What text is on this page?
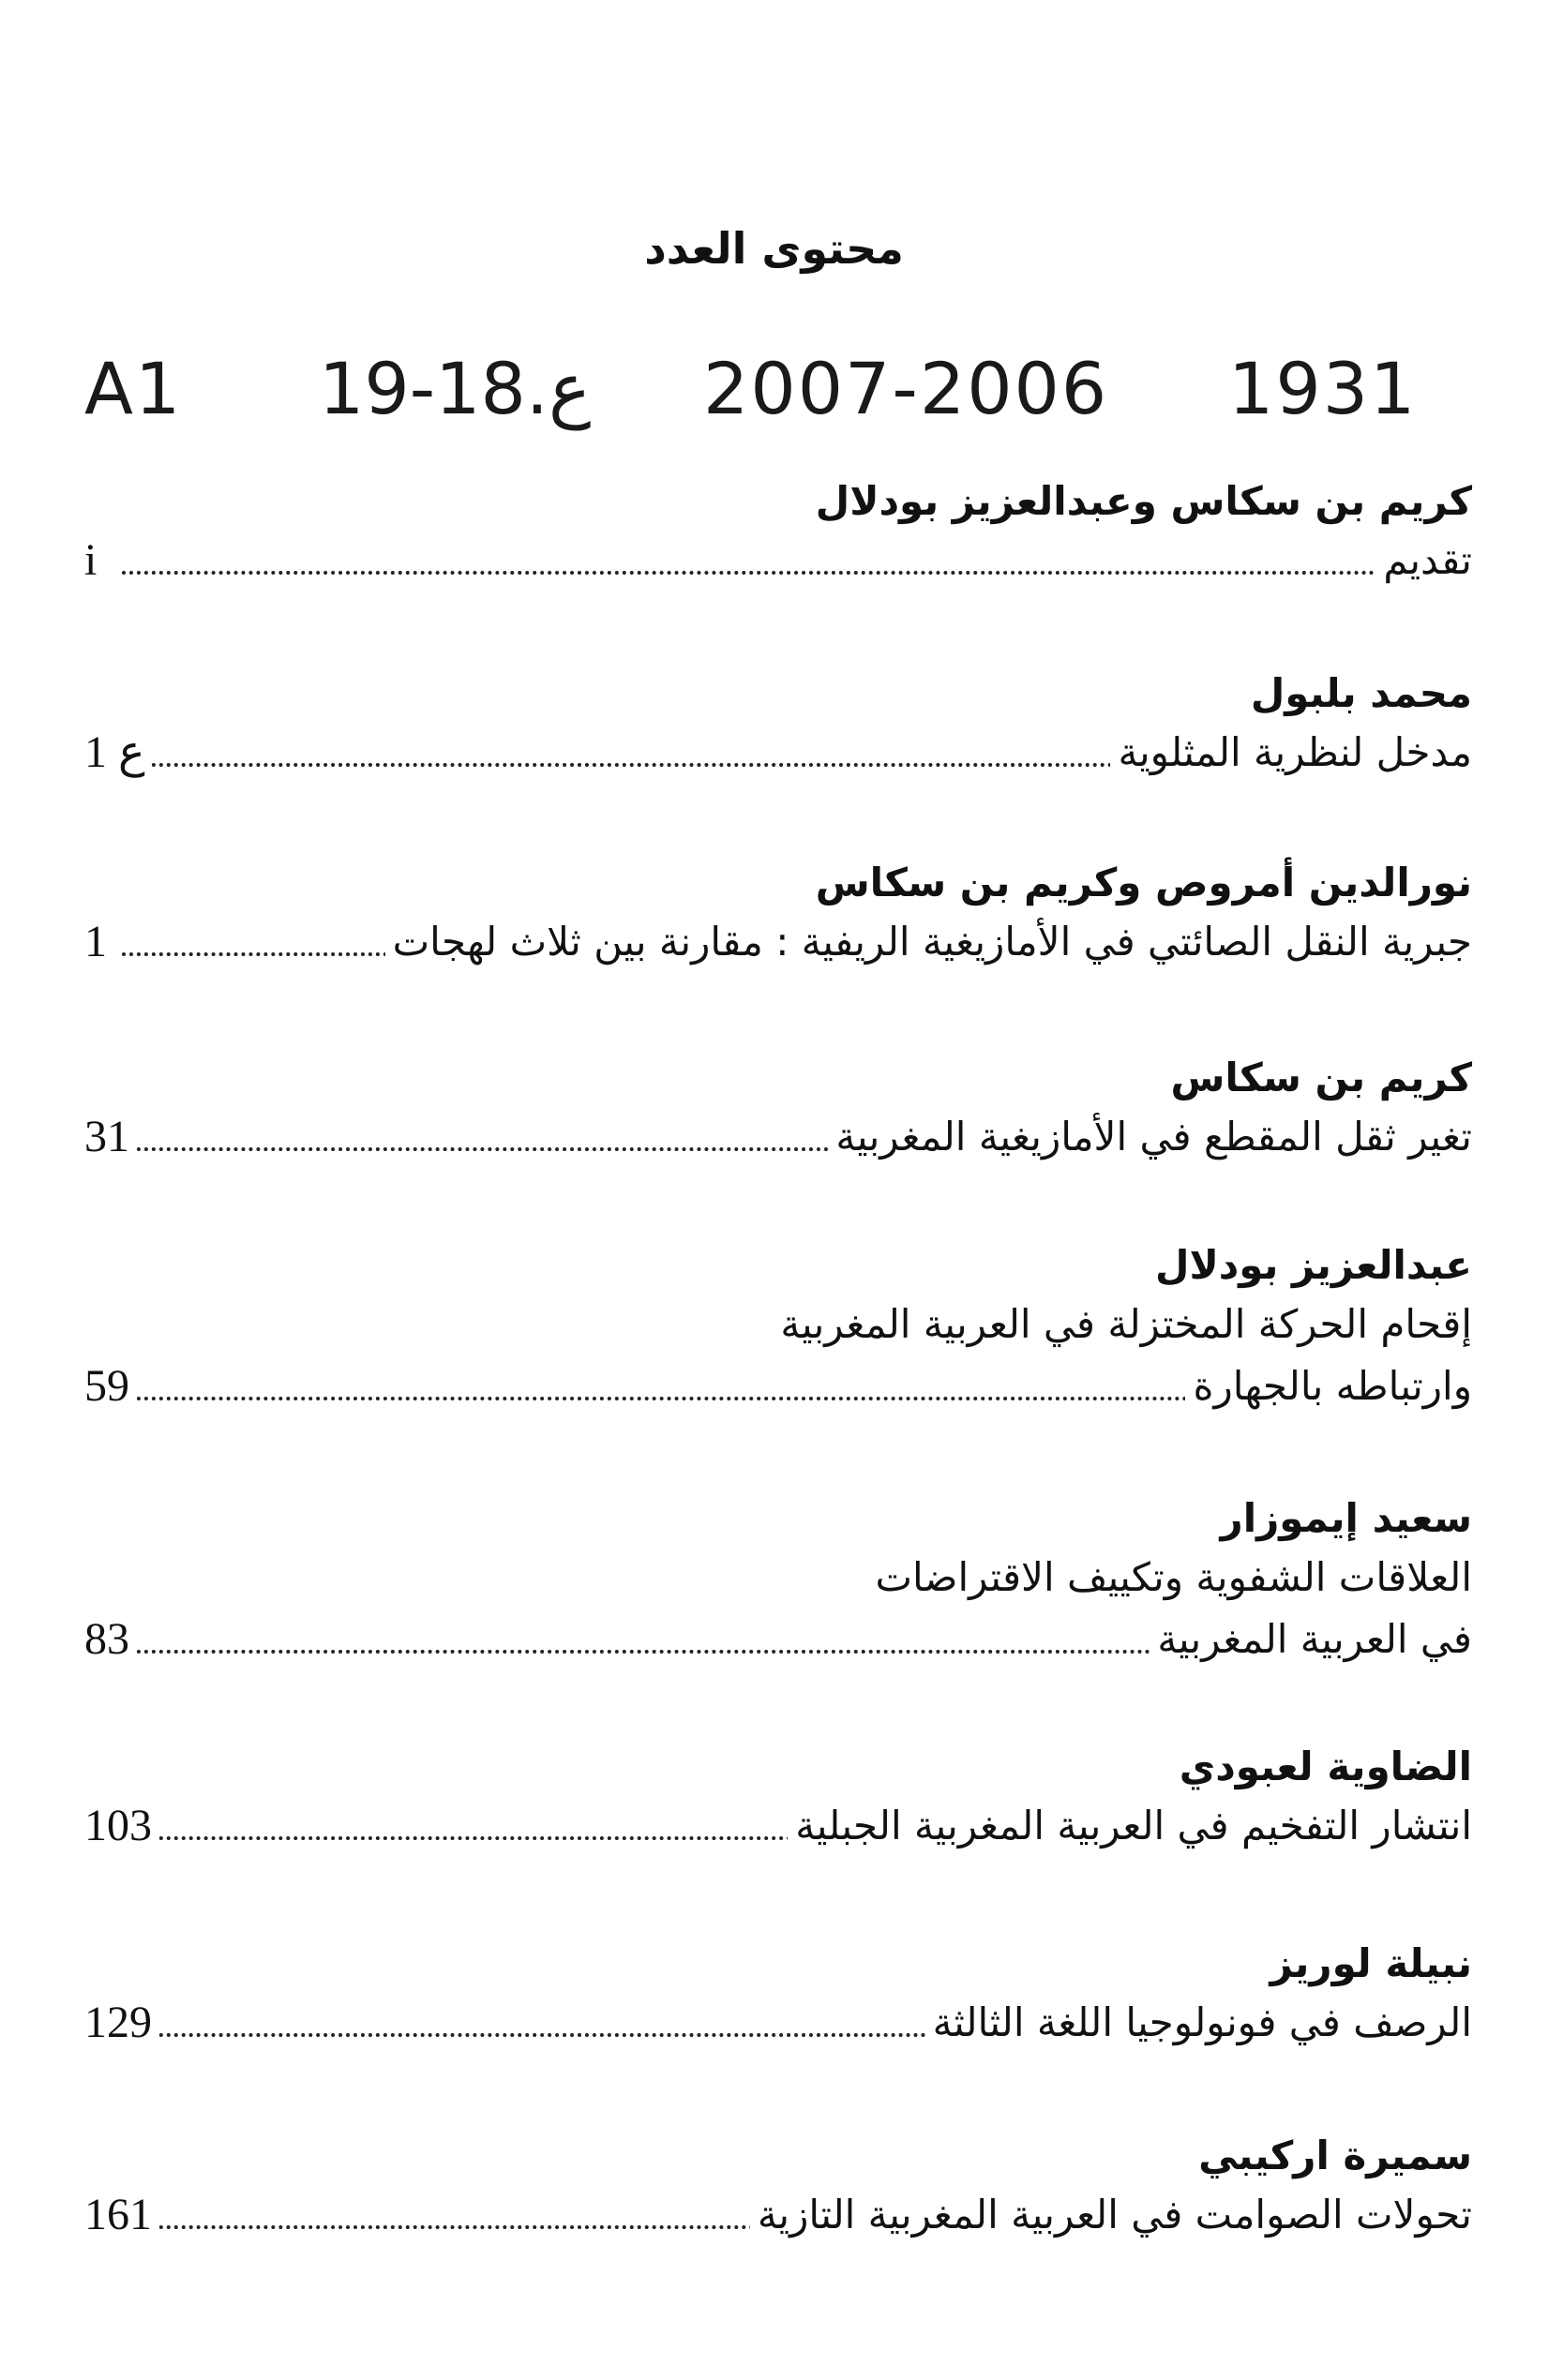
محتوى العدد
A1 19-18.ع 2007-2006 1931
كريم بن سكاس وعبدالعزيز بودلال
تقديم
i
محمد بلبول
مدخل لنظرية المثلوية
ع 1
نورالدين أمروص وكريم بن سكاس
جبرية النقل الصائتي في الأمازيغية الريفية : مقارنة بين ثلاث لهجات
1
كريم بن سكاس
تغير ثقل المقطع في الأمازيغية المغربية
31
عبدالعزيز بودلال
إقحام الحركة المختزلة في العربية المغربية
وارتباطه بالجهارة
59
سعيد إيموزار
العلاقات الشفوية وتكييف الاقتراضات
في العربية المغربية
83
الضاوية لعبودي
انتشار التفخيم في العربية المغربية الجبلية
103
نبيلة لوريز
الرصف في فونولوجيا اللغة الثالثة
129
سميرة اركيبي
تحولات الصوامت في العربية المغربية التازية
161
